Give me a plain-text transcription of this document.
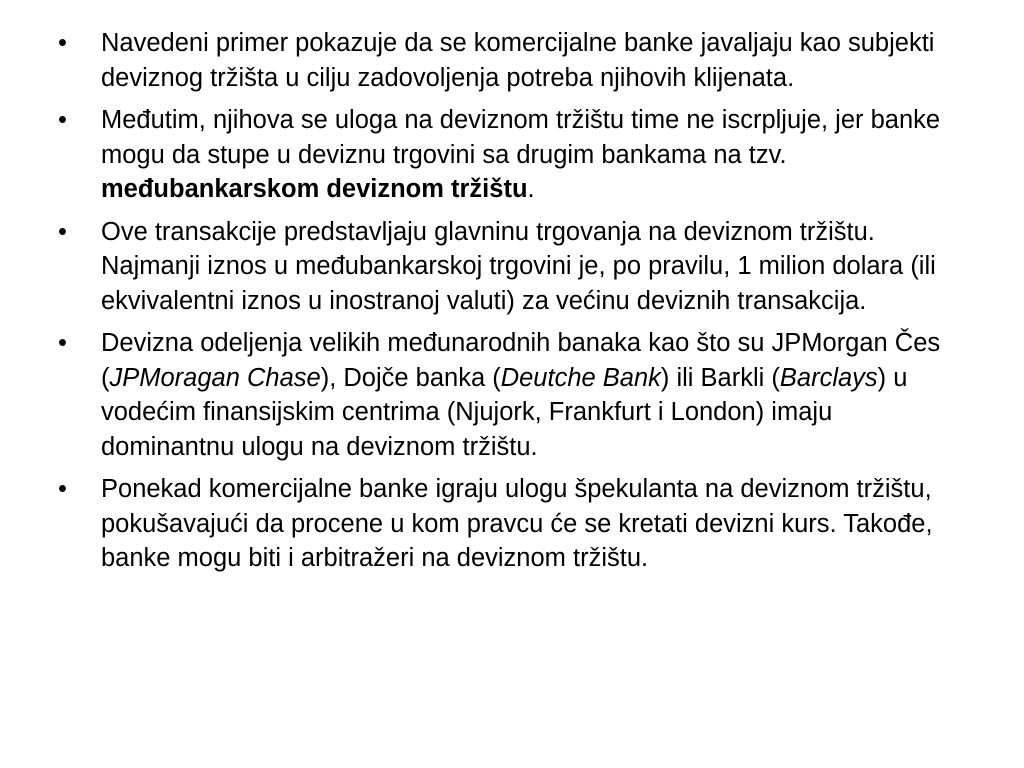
•	Navedeni primer pokazuje da se komercijalne banke javaljaju kao subjekti deviznog tržišta u cilju zadovoljenja potreba njihovih klijenata.
•	Međutim, njihova se uloga na deviznom tržištu time ne iscrpljuje, jer banke mogu da stupe u deviznu trgovini sa drugim bankama na tzv. međubankarskom deviznom tržištu.
•	Ove transakcije predstavljaju glavninu trgovanja na deviznom tržištu. Najmanji iznos u međubankarskoj trgovini je, po pravilu, 1 milion dolara (ili ekvivalentni iznos u inostranoj valuti) za većinu deviznih transakcija.
•	Devizna odeljenja velikih međunarodnih banaka kao što su JPMorgan Čes (JPMoragan Chase), Dojče banka (Deutche Bank) ili Barkli (Barclays) u vodećim finansijskim centrima (Njujork, Frankfurt i London) imaju dominantnu ulogu na deviznom tržištu.
•	Ponekad komercijalne banke igraju ulogu špekulanta na deviznom tržištu, pokušavajući da procene u kom pravcu će se kretati devizni kurs. Takođe, banke mogu biti i arbitražeri na deviznom tržištu.
